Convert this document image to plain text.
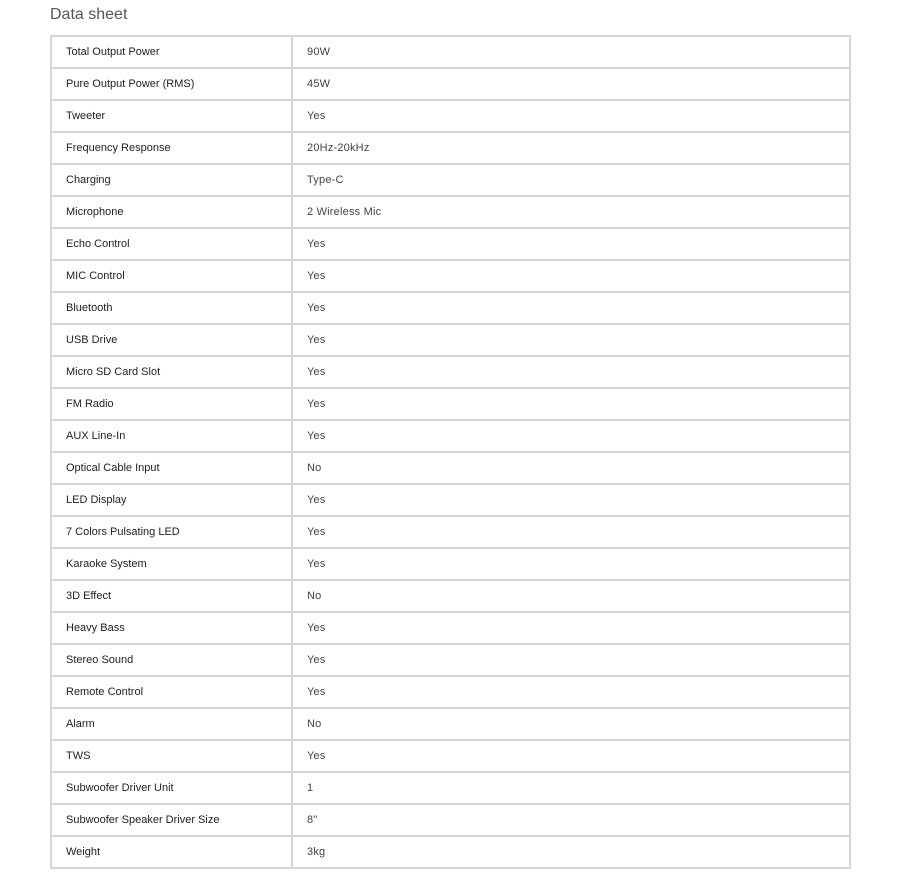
Data sheet
Total Output Power	90W
Pure Output Power (RMS)	45W
Tweeter	Yes
Frequency Response	20Hz-20kHz
Charging	Type-C
Microphone	2 Wireless Mic
Echo Control	Yes
MIC Control	Yes
Bluetooth	Yes
USB Drive	Yes
Micro SD Card Slot	Yes
FM Radio	Yes
AUX Line-In	Yes
Optical Cable Input	No
LED Display	Yes
7 Colors Pulsating LED	Yes
Karaoke System	Yes
3D Effect	No
Heavy Bass	Yes
Stereo Sound	Yes
Remote Control	Yes
Alarm	No
TWS	Yes
Subwoofer Driver Unit	1
Subwoofer Speaker Driver Size	8"
Weight	3kg
